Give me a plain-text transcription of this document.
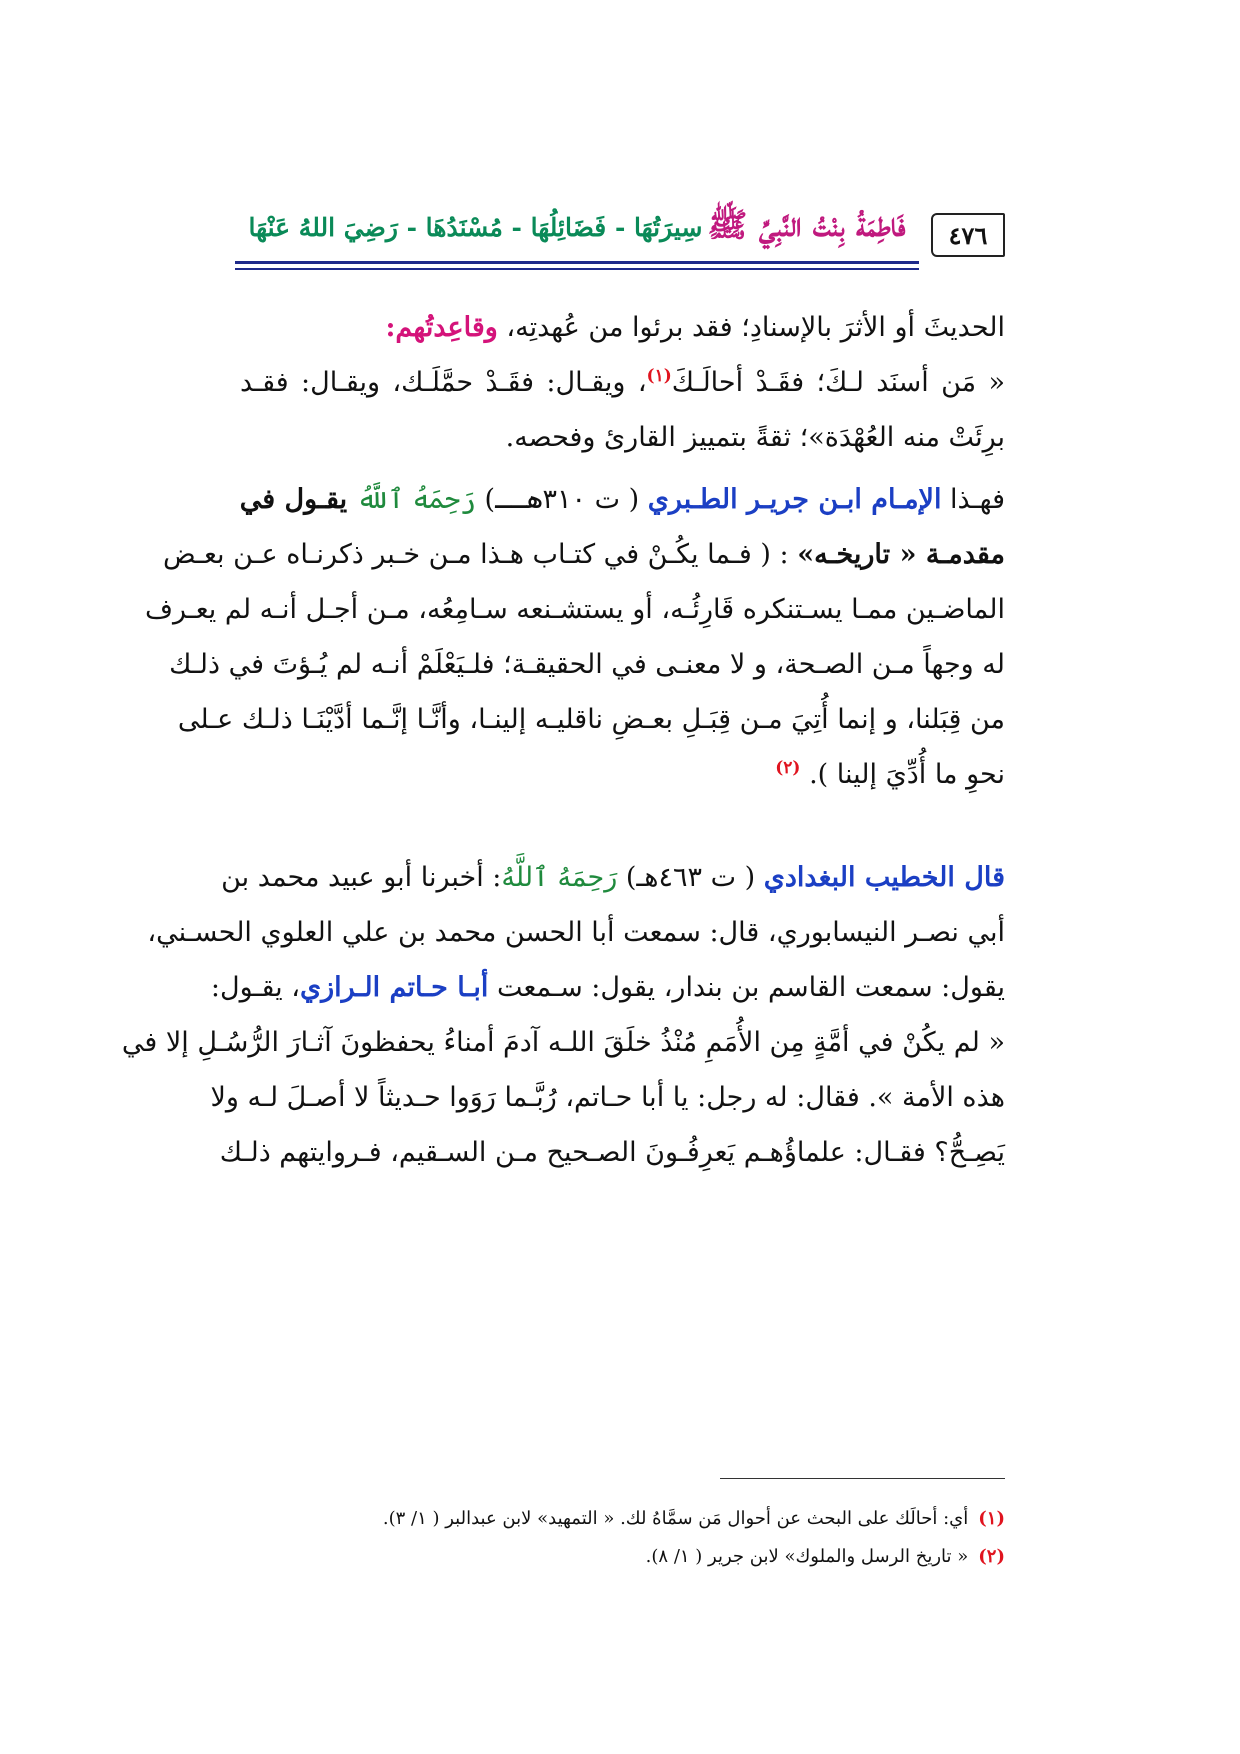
٤٧٦
فَاطِمَةُ بِنْتُ النَّبِيِّ ﷺ سِيرَتُهَا - فَضَائِلُهَا - مُسْنَدُهَا - رَضِيَ اللهُ عَنْهَا
الحديثَ أو الأثرَ بالإسنادِ؛ فقد برئوا من عُهدتِه، وقاعِدتُهم:
« مَن أسنَد لـكَ؛ فقَـدْ أحالَـكَ$^{(١)}$، ويقـال: فقَـدْ حمَّلَـك، ويقـال: فقـد
برِئَتْ منه العُهْدَة»؛ ثقةً بتمييز القارئ وفحصه.
فهـذا الإمـام ابـن جريـر الطـبري ( ت ٣١٠هــ) رَحِمَهُ ٱللَّهُ يقـول في
مقدمـة « تاريخـه» : ( فـما يكُـنْ في كتـاب هـذا مـن خـبر ذكرنـاه عـن بعـض
الماضـين ممـا يسـتنكره قَارِئُـه، أو يستشـنعه سـامِعُه، مـن أجـل أنـه لم يعـرف
له وجهاً مـن الصـحة، و لا معنـى في الحقيقـة؛ فلـيَعْلَمْ أنـه لم يُـؤتَ في ذلـك
من قِبَلنا، و إنما أُتِيَ مـن قِبَـلِ بعـضِ ناقليـه إلينـا، وأنَّـا إنَّـما أدَّيْنَـا ذلـك عـلى
نحوِ ما أُدِّيَ إلينا ). $^{(٢)}$
قال الخطيب البغدادي ( ت ٤٦٣هـ) رَحِمَهُ ٱللَّهُ: أخبرنا أبو عبيد محمد بن
أبي نصـر النيسابوري، قال: سمعت أبا الحسن محمد بن علي العلوي الحسـني،
يقول: سمعت القاسم بن بندار، يقول: سـمعت أبـا حـاتم الـرازي، يقـول:
« لم يكُنْ في أمَّةٍ مِن الأُمَمِ مُنْذُ خلَقَ اللـه آدمَ أمناءُ يحفظونَ آثـارَ الرُّسُـلِ إلا في
هذه الأمة ». فقال: له رجل: يا أبا حـاتم، رُبَّـما رَوَوا حـديثاً لا أصـلَ لـه ولا
يَصِـحُّ؟ فقـال: علماؤُهـم يَعرِفُـونَ الصـحيح مـن السـقيم، فـروايتهم ذلـك
(١)أي: أحالَك على البحث عن أحوال مَن سمَّاهُ لك. « التمهيد» لابن عبدالبر ( ١/ ٣).
(٢)« تاريخ الرسل والملوك» لابن جرير ( ١/ ٨).
